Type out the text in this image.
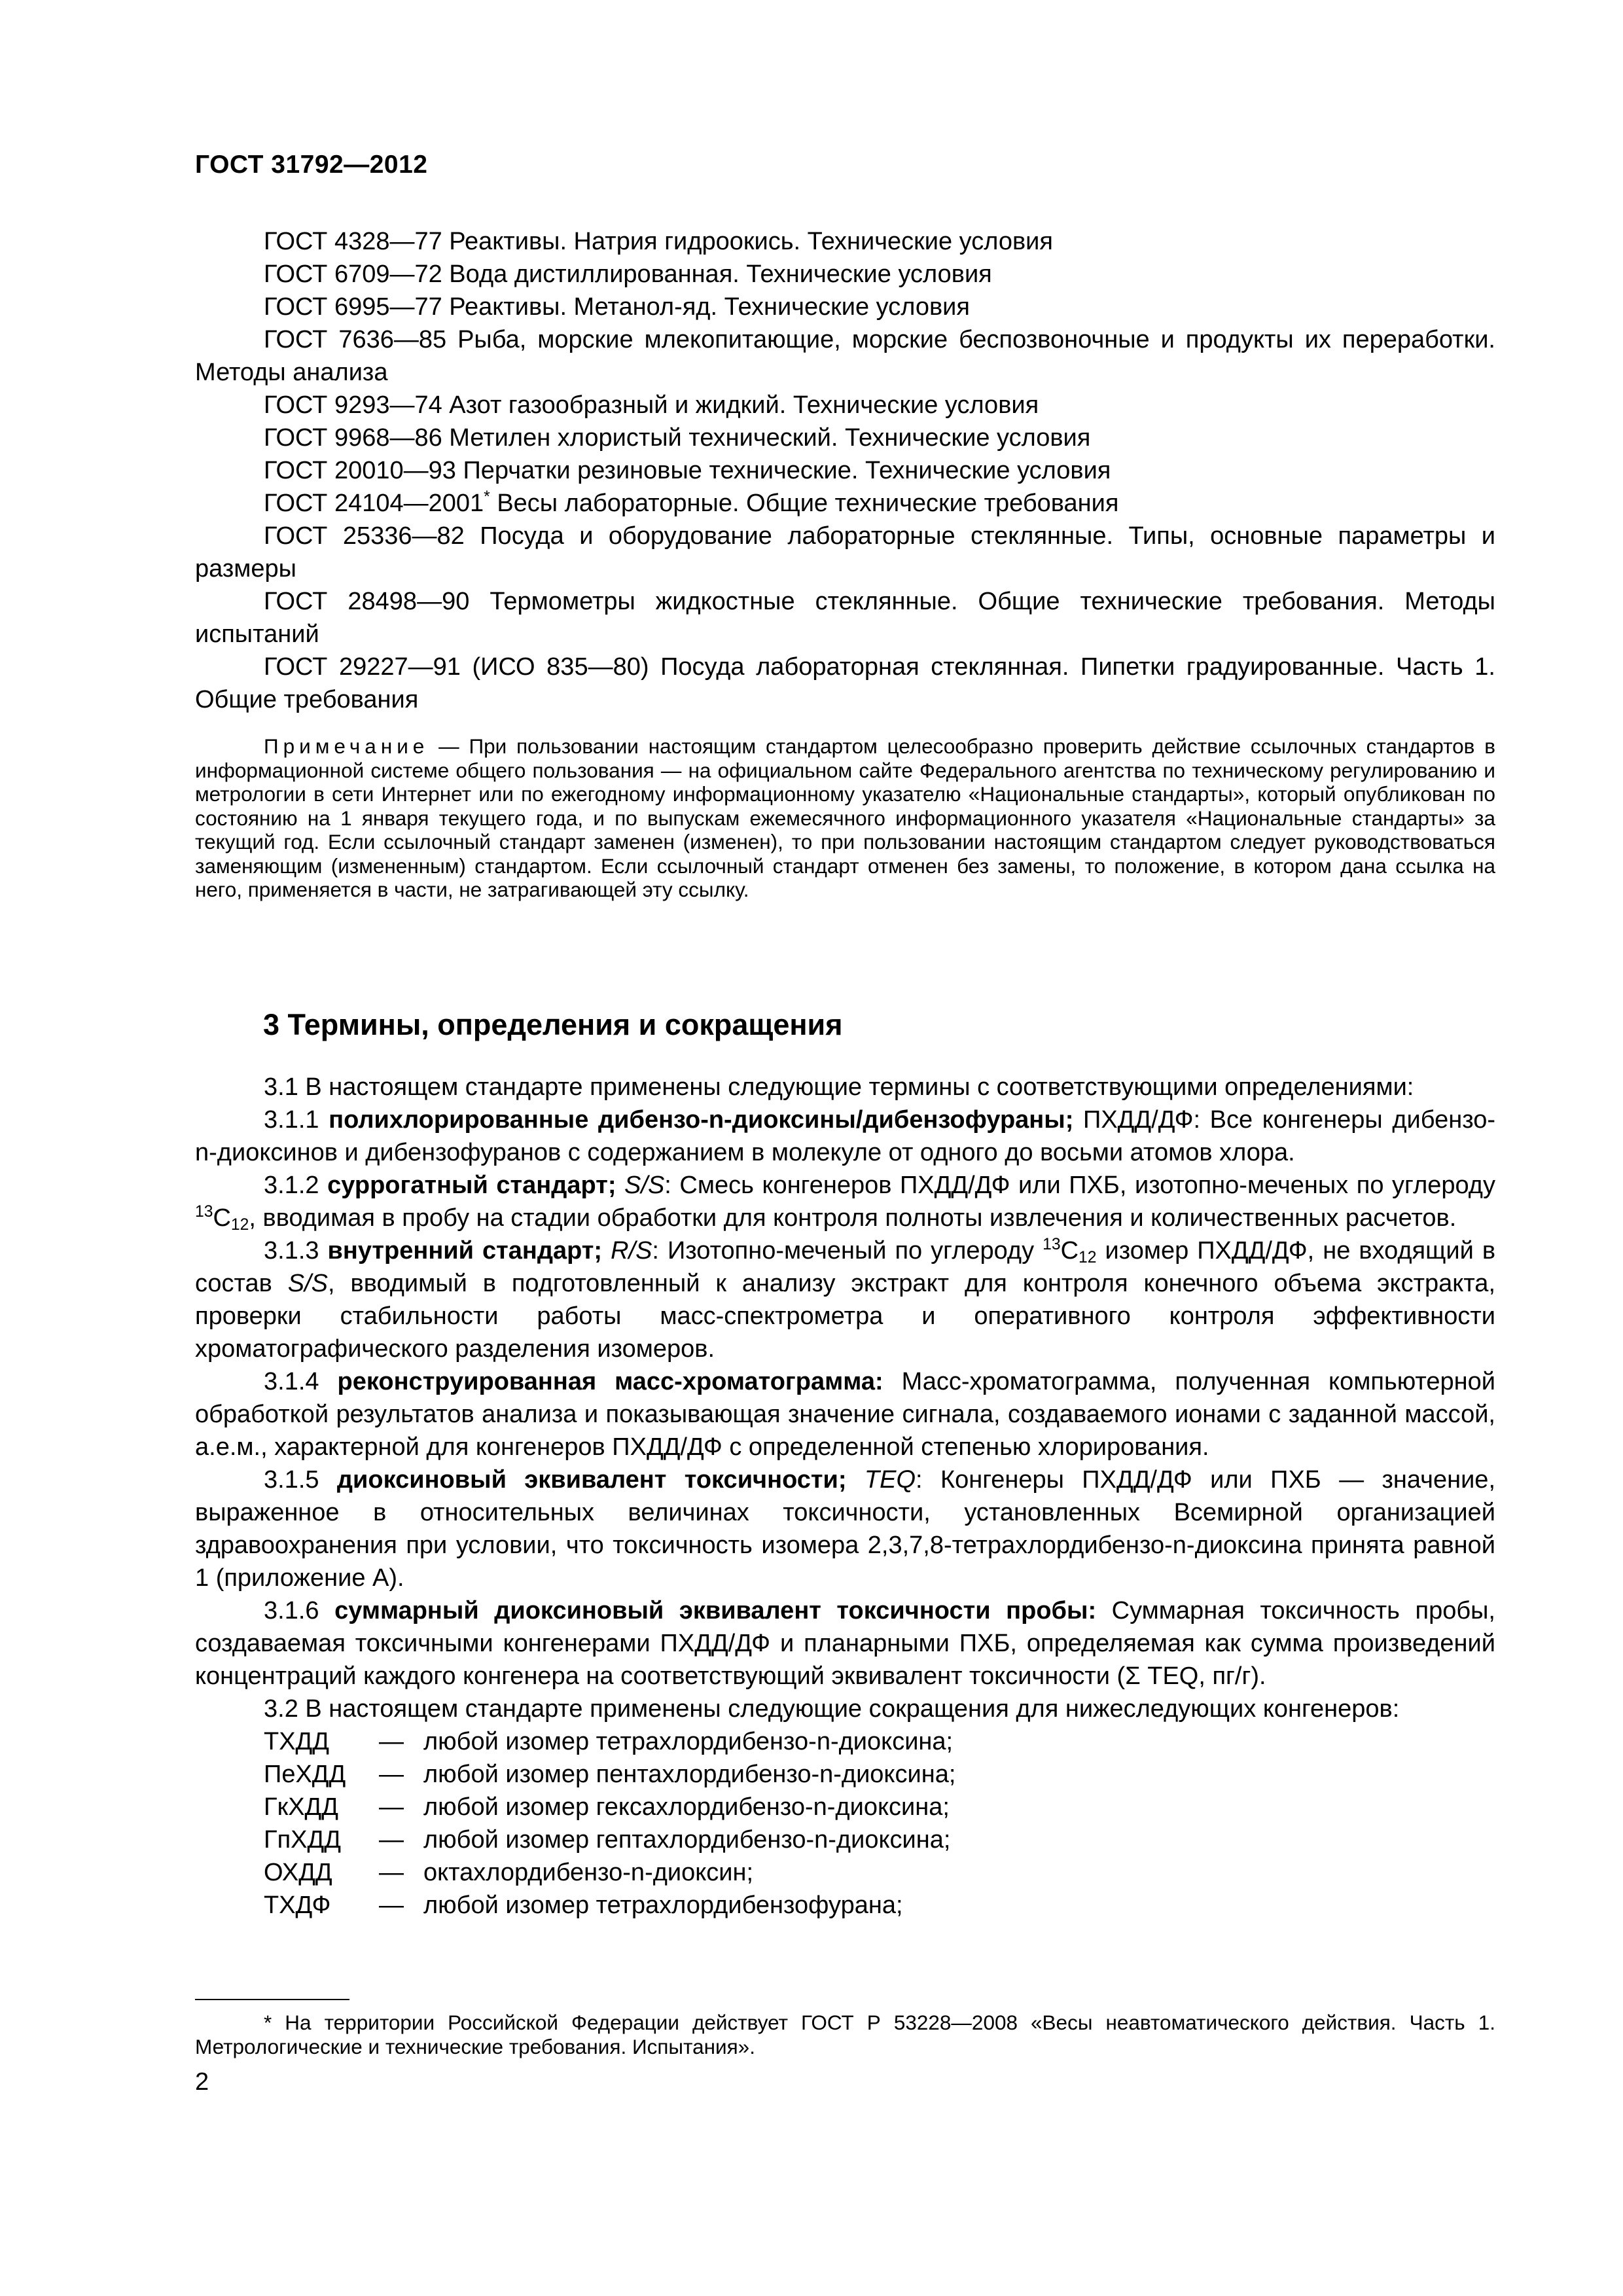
ГОСТ 31792—2012

ГОСТ 4328—77 Реактивы. Натрия гидроокись. Технические условия

ГОСТ 6709—72 Вода дистиллированная. Технические условия

ГОСТ 6995—77 Реактивы. Метанол-яд. Технические условия

ГОСТ 7636—85 Рыба, морские млекопитающие, морские беспозвоночные и продукты их переработки. Методы анализа

ГОСТ 9293—74 Азот газообразный и жидкий. Технические условия

ГОСТ 9968—86 Метилен хлористый технический. Технические условия

ГОСТ 20010—93 Перчатки резиновые технические. Технические условия

ГОСТ 24104—2001* Весы лабораторные. Общие технические требования

ГОСТ 25336—82 Посуда и оборудование лабораторные стеклянные. Типы, основные параметры и размеры

ГОСТ 28498—90 Термометры жидкостные стеклянные. Общие технические требования. Методы испытаний

ГОСТ 29227—91 (ИСО 835—80) Посуда лабораторная стеклянная. Пипетки градуированные. Часть 1. Общие требования

Примечание — При пользовании настоящим стандартом целесообразно проверить действие ссылочных стандартов в информационной системе общего пользования — на официальном сайте Федерального агентства по техническому регулированию и метрологии в сети Интернет или по ежегодному информационному указателю «Национальные стандарты», который опубликован по состоянию на 1 января текущего года, и по выпускам ежемесячного информационного указателя «Национальные стандарты» за текущий год. Если ссылочный стандарт заменен (изменен), то при пользовании настоящим стандартом следует руководствоваться заменяющим (измененным) стандартом. Если ссылочный стандарт отменен без замены, то положение, в котором дана ссылка на него, применяется в части, не затрагивающей эту ссылку.

3 Термины, определения и сокращения

3.1 В настоящем стандарте применены следующие термины с соответствующими определениями:

3.1.1 полихлорированные дибензо-n-диоксины/дибензофураны; ПХДД/ДФ: Все конгенеры дибензо-n-диоксинов и дибензофуранов с содержанием в молекуле от одного до восьми атомов хлора.

3.1.2 суррогатный стандарт; S/S: Смесь конгенеров ПХДД/ДФ или ПХБ, изотопно-меченых по углероду $^{13}C_{12}$, вводимая в пробу на стадии обработки для контроля полноты извлечения и количественных расчетов.

3.1.3 внутренний стандарт; R/S: Изотопно-меченый по углероду $^{13}C_{12}$ изомер ПХДД/ДФ, не входящий в состав S/S, вводимый в подготовленный к анализу экстракт для контроля конечного объема экстракта, проверки стабильности работы масс-спектрометра и оперативного контроля эффективности хроматографического разделения изомеров.

3.1.4 реконструированная масс-хроматограмма: Масс-хроматограмма, полученная компьютерной обработкой результатов анализа и показывающая значение сигнала, создаваемого ионами с заданной массой, а.е.м., характерной для конгенеров ПХДД/ДФ с определенной степенью хлорирования.

3.1.5 диоксиновый эквивалент токсичности; TEQ: Конгенеры ПХДД/ДФ или ПХБ — значение, выраженное в относительных величинах токсичности, установленных Всемирной организацией здравоохранения при условии, что токсичность изомера 2,3,7,8-тетрахлордибензо-n-диоксина принята равной 1 (приложение А).

3.1.6 суммарный диоксиновый эквивалент токсичности пробы: Суммарная токсичность пробы, создаваемая токсичными конгенерами ПХДД/ДФ и планарными ПХБ, определяемая как сумма произведений концентраций каждого конгенера на соответствующий эквивалент токсичности (Σ TEQ, пг/г).

3.2 В настоящем стандарте применены следующие сокращения для нижеследующих конгенеров:

ТХДД	— любой изомер тетрахлордибензо-n-диоксина;
ПеХДД	— любой изомер пентахлордибензо-n-диоксина;
ГкХДД	— любой изомер гексахлордибензо-n-диоксина;
ГпХДД	— любой изомер гептахлордибензо-n-диоксина;
ОХДД	— октахлордибензо-n-диоксин;
ТХДФ	— любой изомер тетрахлордибензофурана;

* На территории Российской Федерации действует ГОСТ Р 53228—2008 «Весы неавтоматического действия. Часть 1. Метрологические и технические требования. Испытания».

2
